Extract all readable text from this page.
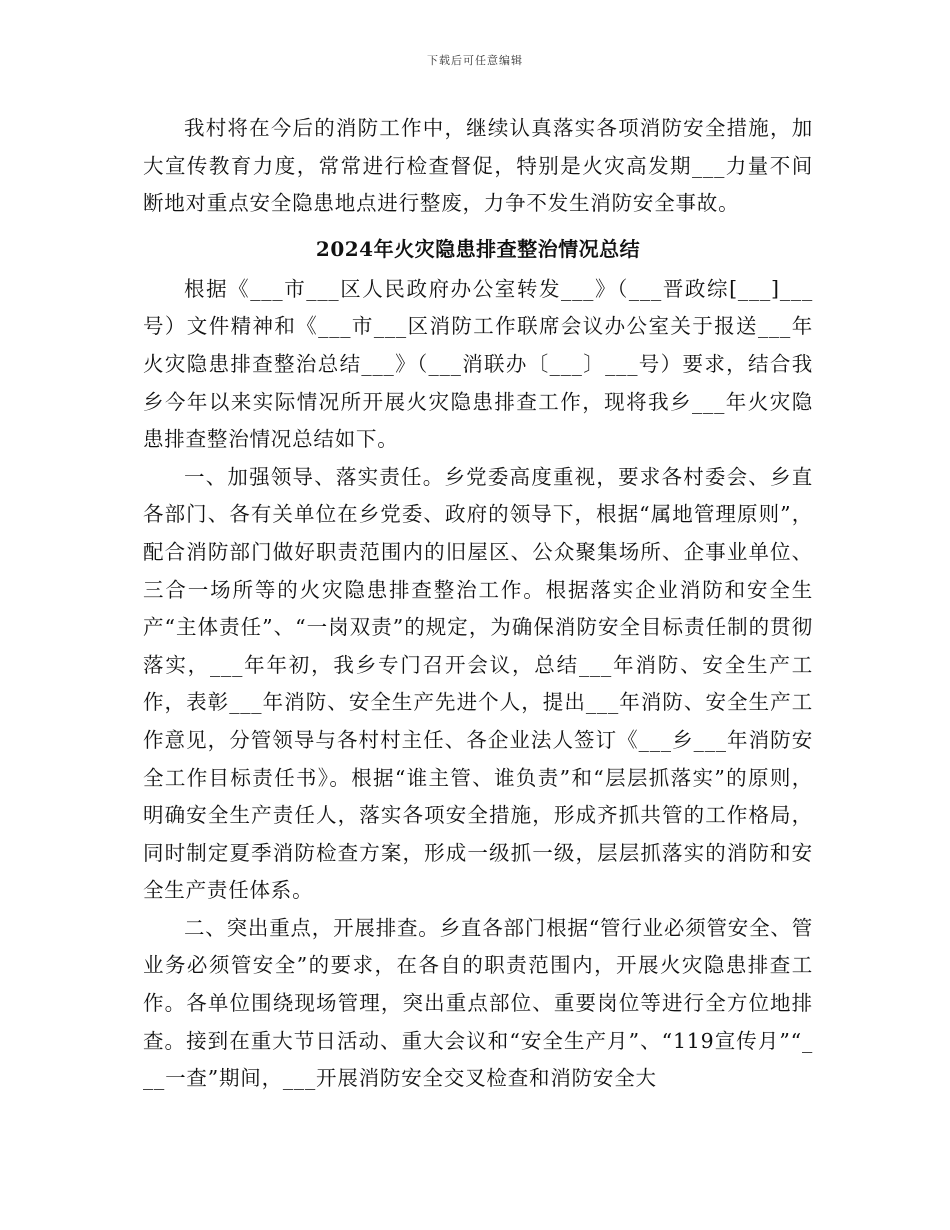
下载后可任意编辑

我村将在今后的消防工作中，继续认真落实各项消防安全措施，加大宣传教育力度，常常进行检查督促，特别是火灾高发期___力量不间断地对重点安全隐患地点进行整废，力争不发生消防安全事故。

2024年火灾隐患排查整治情况总结

根据《___市___区人民政府办公室转发___》（___晋政综[___]___号）文件精神和《___市___区消防工作联席会议办公室关于报送___年火灾隐患排查整治总结___》（___消联办〔___〕___号）要求，结合我乡今年以来实际情况所开展火灾隐患排查工作，现将我乡___年火灾隐患排查整治情况总结如下。

一、加强领导、落实责任。乡党委高度重视，要求各村委会、乡直各部门、各有关单位在乡党委、政府的领导下，根据“属地管理原则”，配合消防部门做好职责范围内的旧屋区、公众聚集场所、企事业单位、三合一场所等的火灾隐患排查整治工作。根据落实企业消防和安全生产“主体责任”、“一岗双责”的规定，为确保消防安全目标责任制的贯彻落实，___年年初，我乡专门召开会议，总结___年消防、安全生产工作，表彰___年消防、安全生产先进个人，提出___年消防、安全生产工作意见，分管领导与各村村主任、各企业法人签订《___乡___年消防安全工作目标责任书》。根据“谁主管、谁负责”和“层层抓落实”的原则，明确安全生产责任人，落实各项安全措施，形成齐抓共管的工作格局，同时制定夏季消防检查方案，形成一级抓一级，层层抓落实的消防和安全生产责任体系。

二、突出重点，开展排查。乡直各部门根据“管行业必须管安全、管业务必须管安全”的要求，在各自的职责范围内，开展火灾隐患排查工作。各单位围绕现场管理，突出重点部位、重要岗位等进行全方位地排查。接到在重大节日活动、重大会议和“安全生产月”、“119宣传月”“___一查”期间，___开展消防安全交叉检查和消防安全大
